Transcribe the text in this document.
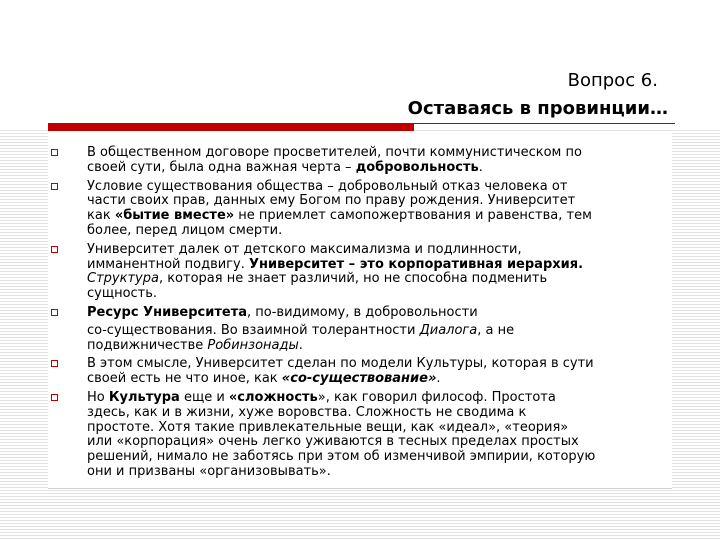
Вопрос 6.
Оставаясь в провинции…
В общественном договоре просветителей, почти коммунистическом по
своей сути, была одна важная черта – добровольность.
Условие существования общества – добровольный отказ человека от
части своих прав, данных ему Богом по праву рождения. Университет
как «бытие вместе» не приемлет самопожертвования и равенства, тем
более, перед лицом смерти.
Университет далек от детского максимализма и подлинности,
имманентной подвигу. Университет – это корпоративная иерархия.
Структура, которая не знает различий, но не способна подменить
сущность.
Ресурс Университета, по-видимому, в добровольности
со-существования. Во взаимной толерантности Диалога, а не
подвижничестве Робинзонады.
В этом смысле, Университет сделан по модели Культуры, которая в сути
своей есть не что иное, как «со-существование».
Но Культура еще и «сложность», как говорил философ. Простота
здесь, как и в жизни, хуже воровства. Сложность не сводима к
простоте. Хотя такие привлекательные вещи, как «идеал», «теория»
или «корпорация» очень легко уживаются в тесных пределах простых
решений, нимало не заботясь при этом об изменчивой эмпирии, которую
они и призваны «организовывать».
